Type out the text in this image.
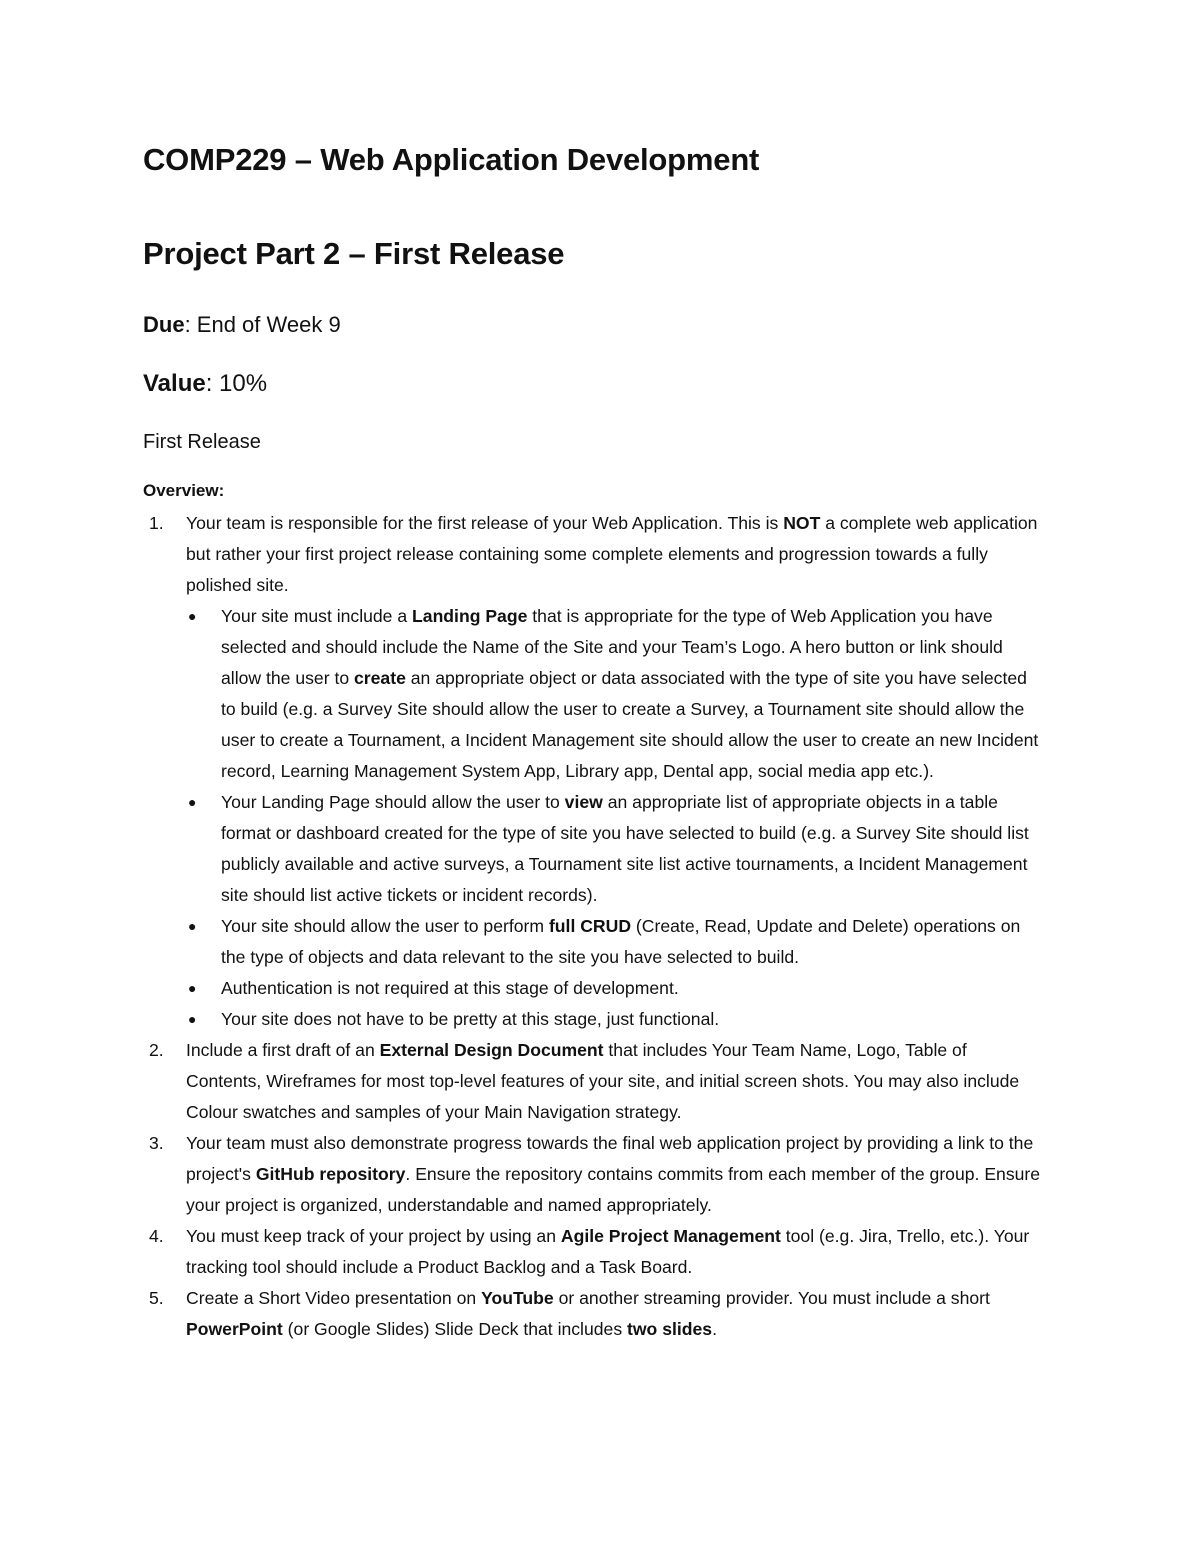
COMP229 – Web Application Development
Project Part 2 – First Release
Due: End of Week 9
Value: 10%
First Release
Overview:
1. Your team is responsible for the first release of your Web Application. This is NOT a complete web application but rather your first project release containing some complete elements and progression towards a fully polished site.
● Your site must include a Landing Page that is appropriate for the type of Web Application you have selected and should include the Name of the Site and your Team’s Logo. A hero button or link should allow the user to create an appropriate object or data associated with the type of site you have selected to build (e.g. a Survey Site should allow the user to create a Survey, a Tournament site should allow the user to create a Tournament, a Incident Management site should allow the user to create an new Incident record, Learning Management System App, Library app, Dental app, social media app etc.).
● Your Landing Page should allow the user to view an appropriate list of appropriate objects in a table format or dashboard created for the type of site you have selected to build (e.g. a Survey Site should list publicly available and active surveys, a Tournament site list active tournaments, a Incident Management site should list active tickets or incident records).
● Your site should allow the user to perform full CRUD (Create, Read, Update and Delete) operations on the type of objects and data relevant to the site you have selected to build.
● Authentication is not required at this stage of development.
● Your site does not have to be pretty at this stage, just functional.
2. Include a first draft of an External Design Document that includes Your Team Name, Logo, Table of Contents, Wireframes for most top-level features of your site, and initial screen shots. You may also include Colour swatches and samples of your Main Navigation strategy.
3. Your team must also demonstrate progress towards the final web application project by providing a link to the project's GitHub repository. Ensure the repository contains commits from each member of the group. Ensure your project is organized, understandable and named appropriately.
4. You must keep track of your project by using an Agile Project Management tool (e.g. Jira, Trello, etc.). Your tracking tool should include a Product Backlog and a Task Board.
5. Create a Short Video presentation on YouTube or another streaming provider. You must include a short PowerPoint (or Google Slides) Slide Deck that includes two slides.
